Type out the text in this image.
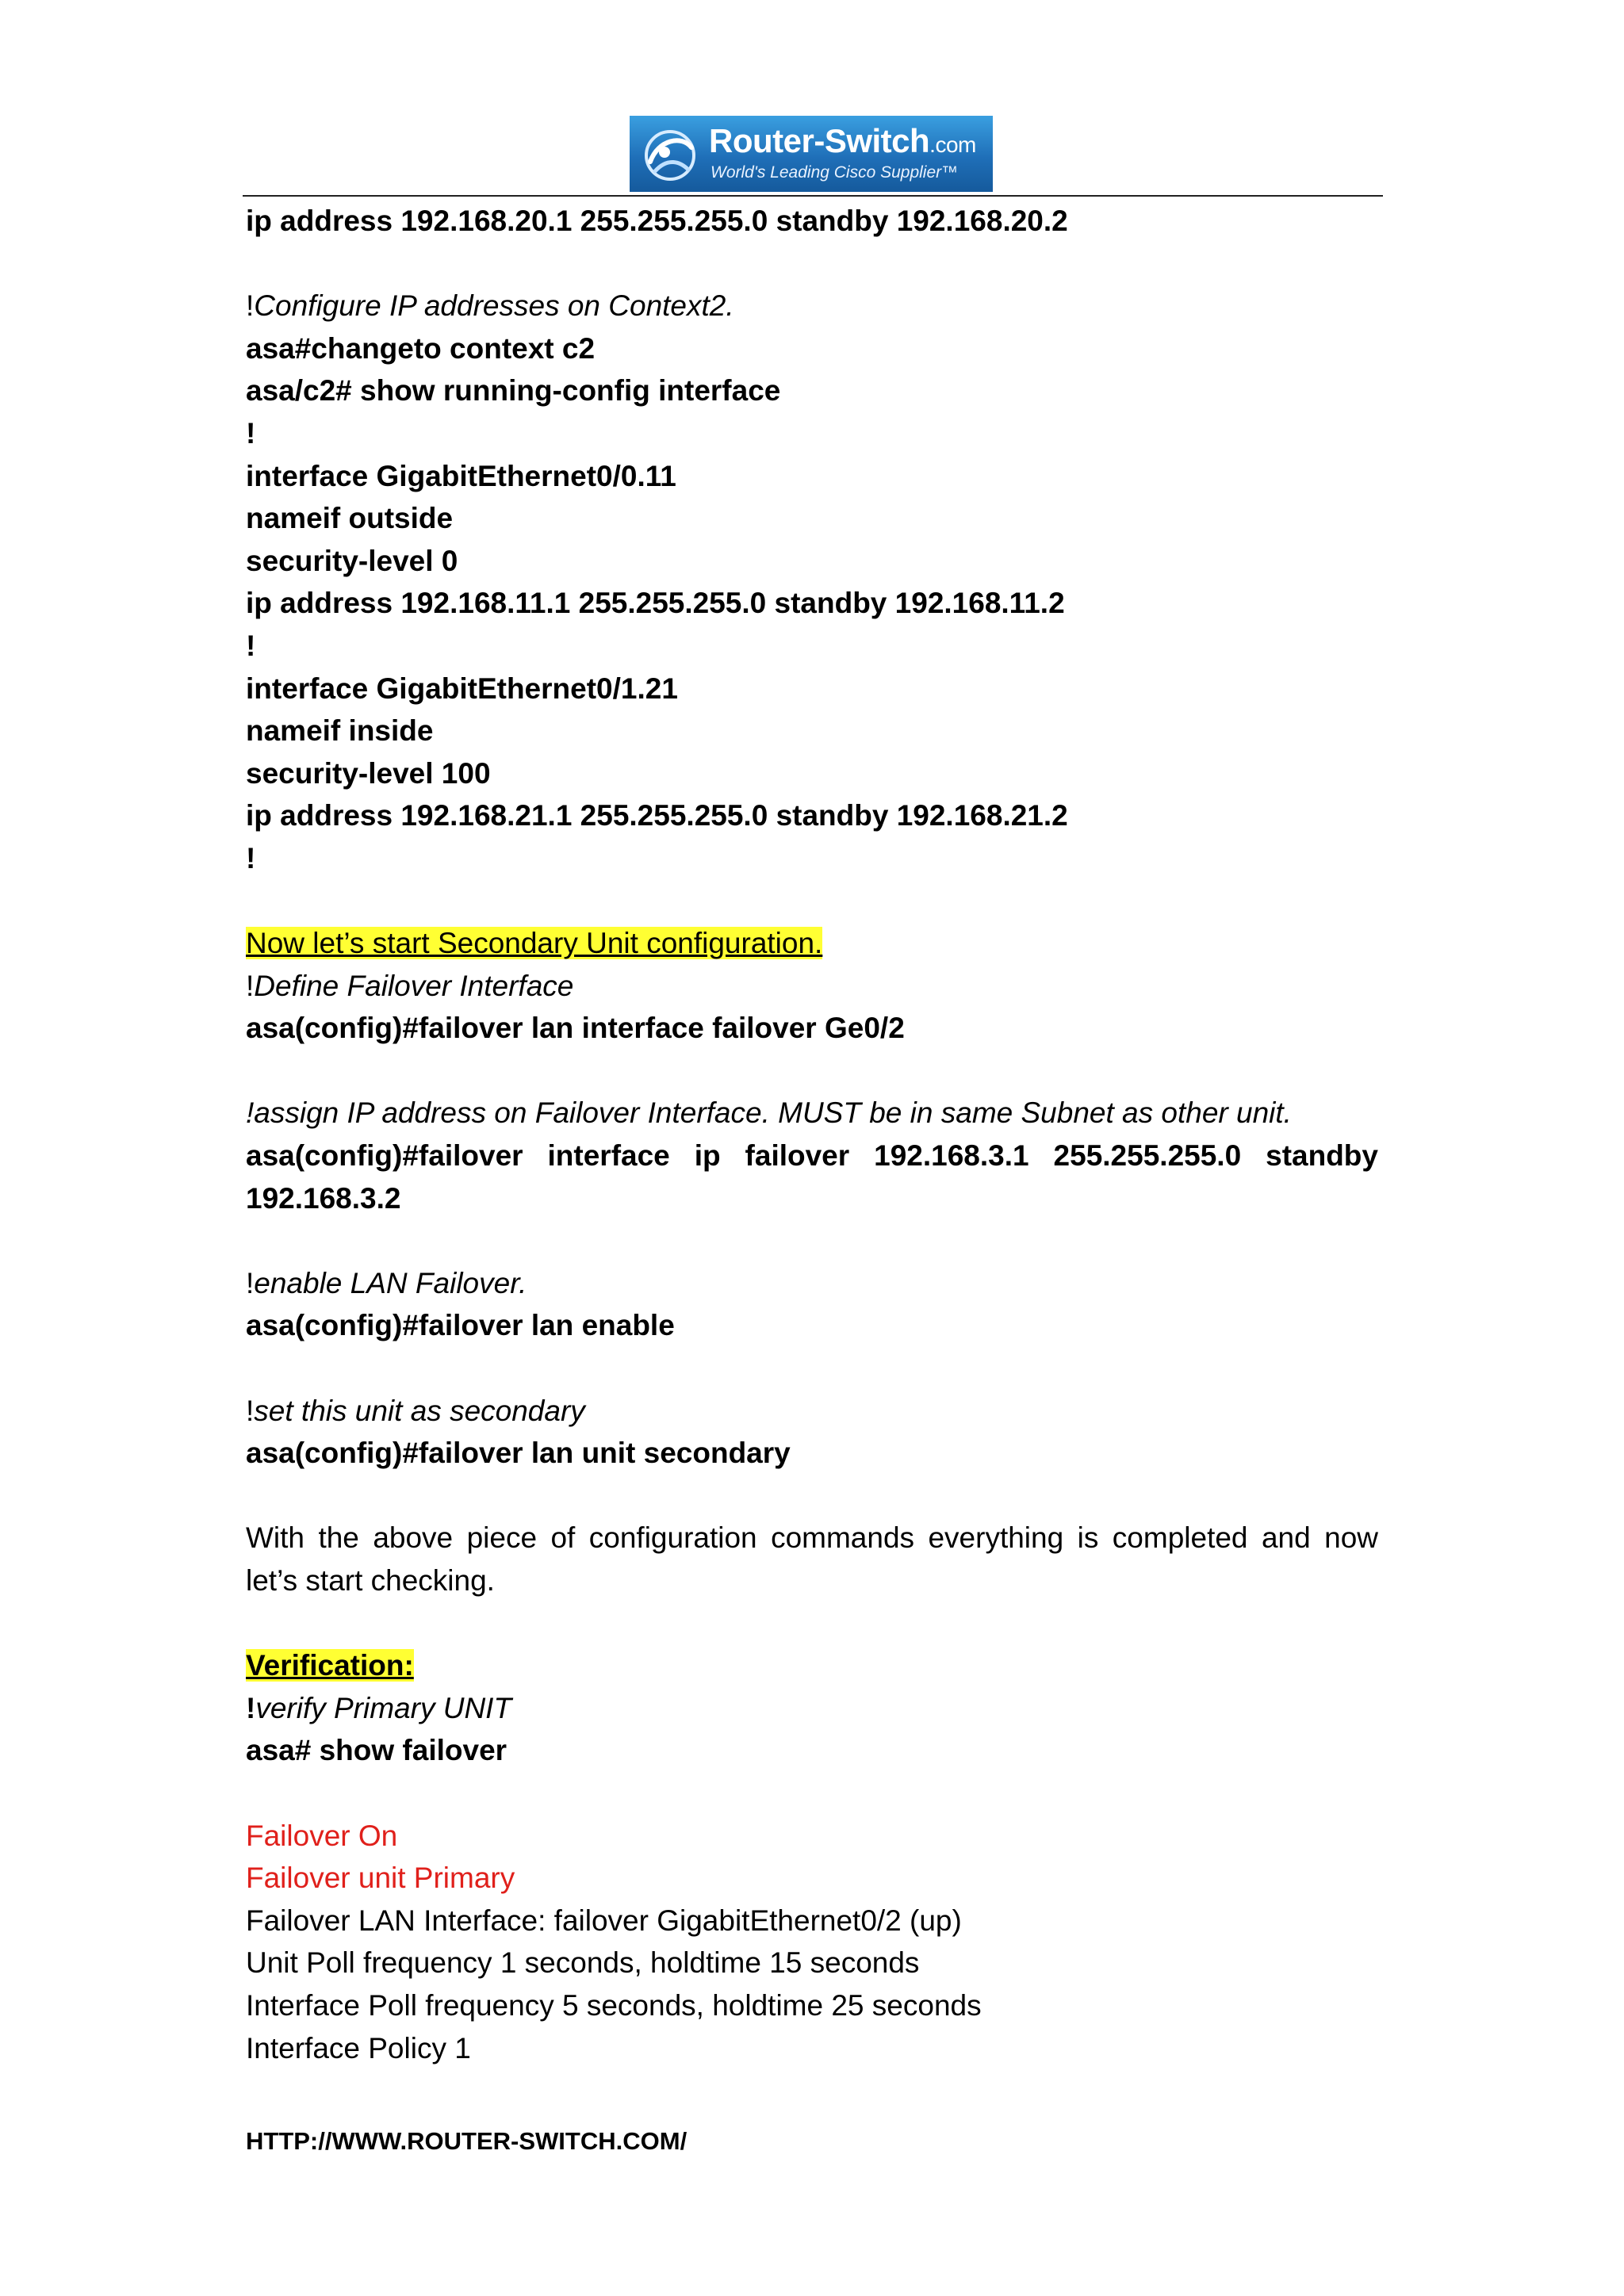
Router-Switch.com
World's Leading Cisco Supplier™
ip address 192.168.20.1 255.255.255.0 standby 192.168.20.2
!Configure IP addresses on Context2.
asa#changeto context c2
asa/c2# show running-config interface
!
interface GigabitEthernet0/0.11
nameif outside
security-level 0
ip address 192.168.11.1 255.255.255.0 standby 192.168.11.2
!
interface GigabitEthernet0/1.21
nameif inside
security-level 100
ip address 192.168.21.1 255.255.255.0 standby 192.168.21.2
!
Now let’s start Secondary Unit configuration.
!Define Failover Interface
asa(config)#failover lan interface failover Ge0/2
!assign IP address on Failover Interface. MUST be in same Subnet as other unit.
asa(config)#failover interface ip failover 192.168.3.1 255.255.255.0 standby
192.168.3.2
!enable LAN Failover.
asa(config)#failover lan enable
!set this unit as secondary
asa(config)#failover lan unit secondary
With the above piece of configuration commands everything is completed and now
let’s start checking.
Verification:
!verify Primary UNIT
asa# show failover
Failover On
Failover unit Primary
Failover LAN Interface: failover GigabitEthernet0/2 (up)
Unit Poll frequency 1 seconds, holdtime 15 seconds
Interface Poll frequency 5 seconds, holdtime 25 seconds
Interface Policy 1
HTTP://WWW.ROUTER-SWITCH.COM/
